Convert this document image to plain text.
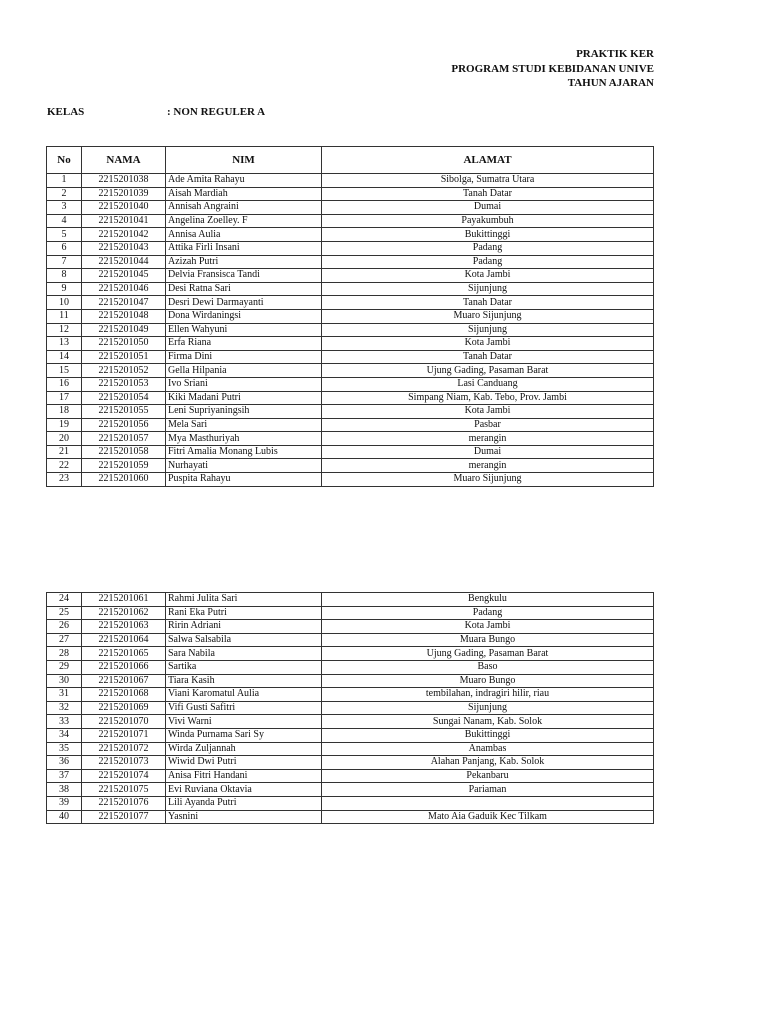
PRAKTIK KER
PROGRAM STUDI KEBIDANAN UNIVE
TAHUN AJARAN
KELAS	: NON REGULER A
No	NAMA	NIM	ALAMAT
1	2215201038	Ade Amita Rahayu	Sibolga, Sumatra Utara
2	2215201039	Aisah Mardiah	Tanah Datar
3	2215201040	Annisah Angraini	Dumai
4	2215201041	Angelina Zoelley. F	Payakumbuh
5	2215201042	Annisa Aulia	Bukittinggi
6	2215201043	Attika Firli Insani	Padang
7	2215201044	Azizah Putri	Padang
8	2215201045	Delvia Fransisca Tandi	Kota Jambi
9	2215201046	Desi Ratna Sari	Sijunjung
10	2215201047	Desri Dewi Darmayanti	Tanah Datar
11	2215201048	Dona Wirdaningsi	Muaro Sijunjung
12	2215201049	Ellen Wahyuni	Sijunjung
13	2215201050	Erfa Riana	Kota Jambi
14	2215201051	Firma Dini	Tanah Datar
15	2215201052	Gella Hilpania	Ujung Gading, Pasaman Barat
16	2215201053	Ivo Sriani	Lasi Canduang
17	2215201054	Kiki Madani Putri	Simpang Niam, Kab. Tebo, Prov. Jambi
18	2215201055	Leni Supriyaningsih	Kota Jambi
19	2215201056	Mela Sari	Pasbar
20	2215201057	Mya Masthuriyah	merangin
21	2215201058	Fitri Amalia Monang Lubis	Dumai
22	2215201059	Nurhayati	merangin
23	2215201060	Puspita Rahayu	Muaro Sijunjung
24	2215201061	Rahmi Julita Sari	Bengkulu
25	2215201062	Rani Eka Putri	Padang
26	2215201063	Ririn Adriani	Kota Jambi
27	2215201064	Salwa Salsabila	Muara Bungo
28	2215201065	Sara Nabila	Ujung Gading, Pasaman Barat
29	2215201066	Sartika	Baso
30	2215201067	Tiara Kasih	Muaro Bungo
31	2215201068	Viani Karomatul Aulia	tembilahan, indragiri hilir, riau
32	2215201069	Vifi Gusti Safitri	Sijunjung
33	2215201070	Vivi Warni	Sungai Nanam, Kab. Solok
34	2215201071	Winda Purnama Sari Sy	Bukittinggi
35	2215201072	Wirda Zuljannah	Anambas
36	2215201073	Wiwid Dwi Putri	Alahan Panjang, Kab. Solok
37	2215201074	Anisa Fitri Handani	Pekanbaru
38	2215201075	Evi Ruviana Oktavia	Pariaman
39	2215201076	Lili Ayanda Putri	
40	2215201077	Yasnini	Mato Aia Gaduik Kec Tilkam
